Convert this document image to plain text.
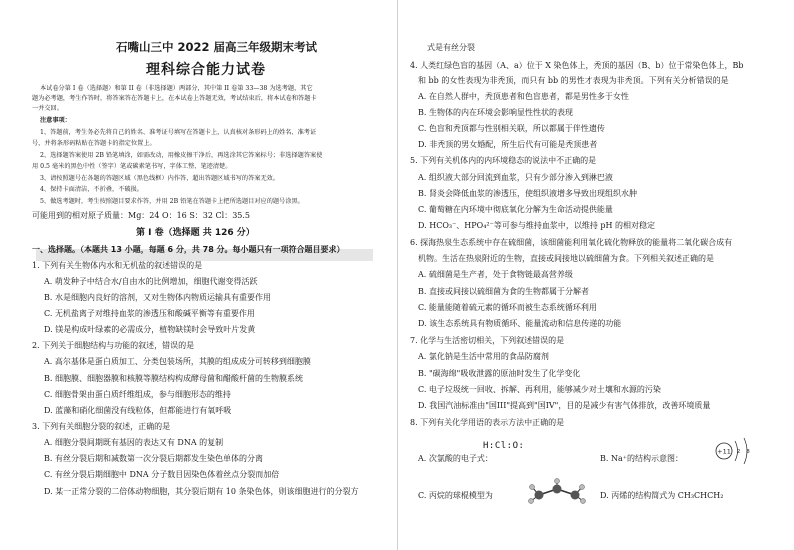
石嘴山三中 2022 届高三年级期末考试
理科综合能力试卷
本试卷分第 I 卷（选择题）和第 II 卷（非选择题）两部分，其中第 II 卷第 33—38 为选考题，其它
题为必考题，考生作答时，将答案答在答题卡上，在本试卷上答题无效，考试结束后，将本试卷和答题卡
一并交回。
注意事项：
1、答题前，考生务必先将自己的姓名、准考证号填写在答题卡上，认真核对条形码上的姓名、准考证
号，并将条形码粘贴在答题卡的指定位置上。
2、选择题答案使用 2B 铅笔填涂，如需改动，用橡皮擦干净后，再选涂其它答案标号；非选择题答案使
用 0.5 毫米的黑色中性（签字）笔或碳素笔书写，字体工整、笔迹清楚。
3、请按照题号在各题的答题区域（黑色线框）内作答，超出答题区域书写的答案无效。
4、保持卡面清洁，不折叠，不破损。
5、做选考题时，考生按照题目要求作答，并用 2B 铅笔在答题卡上把所选题目对应的题号涂黑。
可能用到的相对原子质量：Mg：24 O：16 S：32 Cl：35.5
第 I 卷（选择题 共 126 分）
一、选择题。（本题共 13 小题，每题 6 分，共 78 分。每小题只有一项符合题目要求）
1. 下列有关生物体内水和无机盐的叙述错误的是
A. 萌发种子中结合水/自由水的比例增加，细胞代谢变得活跃
B. 水是细胞内良好的溶剂，又对生物体内物质运输具有重要作用
C. 无机盐离子对维持血浆的渗透压和酸碱平衡等有重要作用
D. 镁是构成叶绿素的必需成分，植物缺镁时会导致叶片发黄
2. 下列关于细胞结构与功能的叙述，错误的是
A. 高尔基体是蛋白质加工、分类包装场所，其膜的组成成分可转移到细胞膜
B. 细胞膜、细胞器膜和核膜等膜结构构成酵母菌和醋酸杆菌的生物膜系统
C. 细胞骨架由蛋白质纤维组成，参与细胞形态的维持
D. 蓝藻和硝化细菌没有线粒体，但都能进行有氧呼吸
3. 下列有关细胞分裂的叙述，正确的是
A. 细胞分裂间期既有基因的表达又有 DNA 的复制
B. 有丝分裂后期和减数第一次分裂后期都发生染色单体的分离
C. 有丝分裂后期细胞中 DNA 分子数目因染色体着丝点分裂而加倍
D. 某一正常分裂的二倍体动物细胞，其分裂后期有 10 条染色体，则该细胞进行的分裂方
式是有丝分裂
4. 人类红绿色盲的基因（A、a）位于 X 染色体上，秃顶的基因（B、b）位于常染色体上，Bb
和 bb 的女性表现为非秃顶，而只有 bb 的男性才表现为非秃顶。下列有关分析错误的是
A. 在自然人群中，秃顶患者和色盲患者，都是男性多于女性
B. 生物体的内在环境会影响显性性状的表现
C. 色盲和秃顶都与性别相关联，所以都属于伴性遗传
D. 非秃顶的男女婚配，所生后代有可能是秃顶患者
5. 下列有关机体内的内环境稳态的说法中不正确的是
A. 组织液大部分回流到血浆，只有少部分渗入到淋巴液
B. 肾炎会降低血浆的渗透压，使组织液增多导致出现组织水肿
C. 葡萄糖在内环境中彻底氧化分解为生命活动提供能量
D. HCO₃⁻、HPO₄²⁻等可参与维持血浆中，以维持 pH 的相对稳定
6. 探海热泉生态系统中存在硫细菌，该细菌能利用氧化硫化物释放的能量将二氧化碳合成有
机物。生活在热泉附近的生物，直接或间接地以硫细菌为食。下列相关叙述正确的是
A. 硫细菌是生产者，处于食物链最高营养级
B. 直接或间接以硫细菌为食的生物都属于分解者
C. 能量能随着硫元素的循环而被生态系统循环利用
D. 该生态系统具有物质循环、能量流动和信息传递的功能
7. 化学与生活密切相关，下列叙述错误的是
A. 氯化钠是生活中常用的食品防腐剂
B. "碳海绵"吸收泄露的原油时发生了化学变化
C. 电子垃圾统一回收、拆解、再利用，能够减少对土壤和水源的污染
D. 我国汽油标准由"国III"提高到"国IV"，目的是减少有害气体排放，改善环境质量
8. 下列有关化学用语的表示方法中正确的是
A. 次氯酸的电子式：
H:Cl:O:
B. Na⁺的结构示意图：
+11 2 8
C. 丙烷的球棍模型为	D. 丙烯的结构简式为 CH₃CHCH₂
